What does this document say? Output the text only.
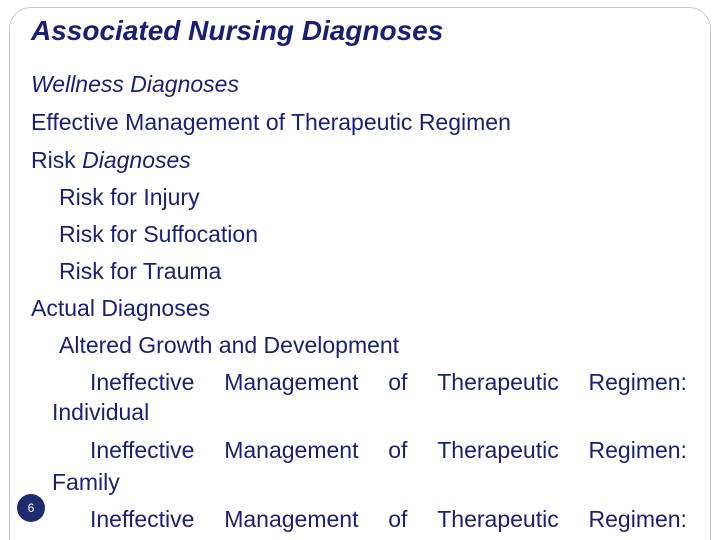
Associated Nursing Diagnoses
Wellness Diagnoses
Effective Management of Therapeutic Regimen
Risk Diagnoses
Risk for Injury
Risk for Suffocation
Risk for Trauma
Actual Diagnoses
Altered Growth and Development
Ineffective Management of Therapeutic Regimen:
Individual
Ineffective Management of Therapeutic Regimen:
Family
Ineffective Management of Therapeutic Regimen:
6
